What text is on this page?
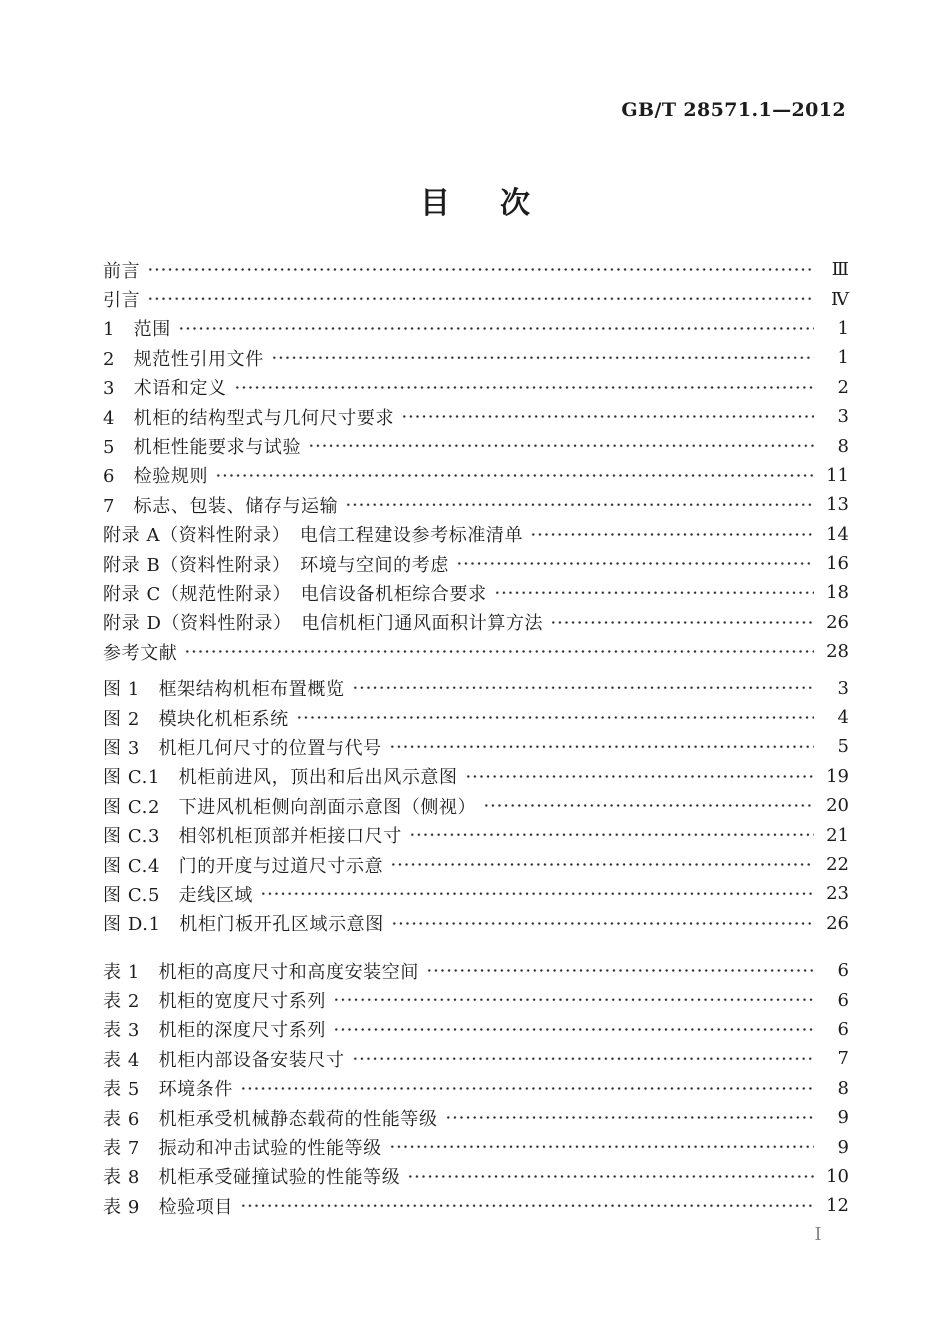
GB/T 28571.1—2012
目　次
前言	Ⅲ
引言	Ⅳ
1　范围	1
2　规范性引用文件	1
3　术语和定义	2
4　机柜的结构型式与几何尺寸要求	3
5　机柜性能要求与试验	8
6　检验规则	11
7　标志、包装、储存与运输	13
附录 A（资料性附录）　电信工程建设参考标准清单	14
附录 B（资料性附录）　环境与空间的考虑	16
附录 C（规范性附录）　电信设备机柜综合要求	18
附录 D（资料性附录）　电信机柜门通风面积计算方法	26
参考文献	28
图 1　框架结构机柜布置概览	3
图 2　模块化机柜系统	4
图 3　机柜几何尺寸的位置与代号	5
图 C.1　机柜前进风，顶出和后出风示意图	19
图 C.2　下进风机柜侧向剖面示意图（侧视）	20
图 C.3　相邻机柜顶部并柜接口尺寸	21
图 C.4　门的开度与过道尺寸示意	22
图 C.5　走线区域	23
图 D.1　机柜门板开孔区域示意图	26
表 1　机柜的高度尺寸和高度安装空间	6
表 2　机柜的宽度尺寸系列	6
表 3　机柜的深度尺寸系列	6
表 4　机柜内部设备安装尺寸	7
表 5　环境条件	8
表 6　机柜承受机械静态载荷的性能等级	9
表 7　振动和冲击试验的性能等级	9
表 8　机柜承受碰撞试验的性能等级	10
表 9　检验项目	12
Ⅰ
